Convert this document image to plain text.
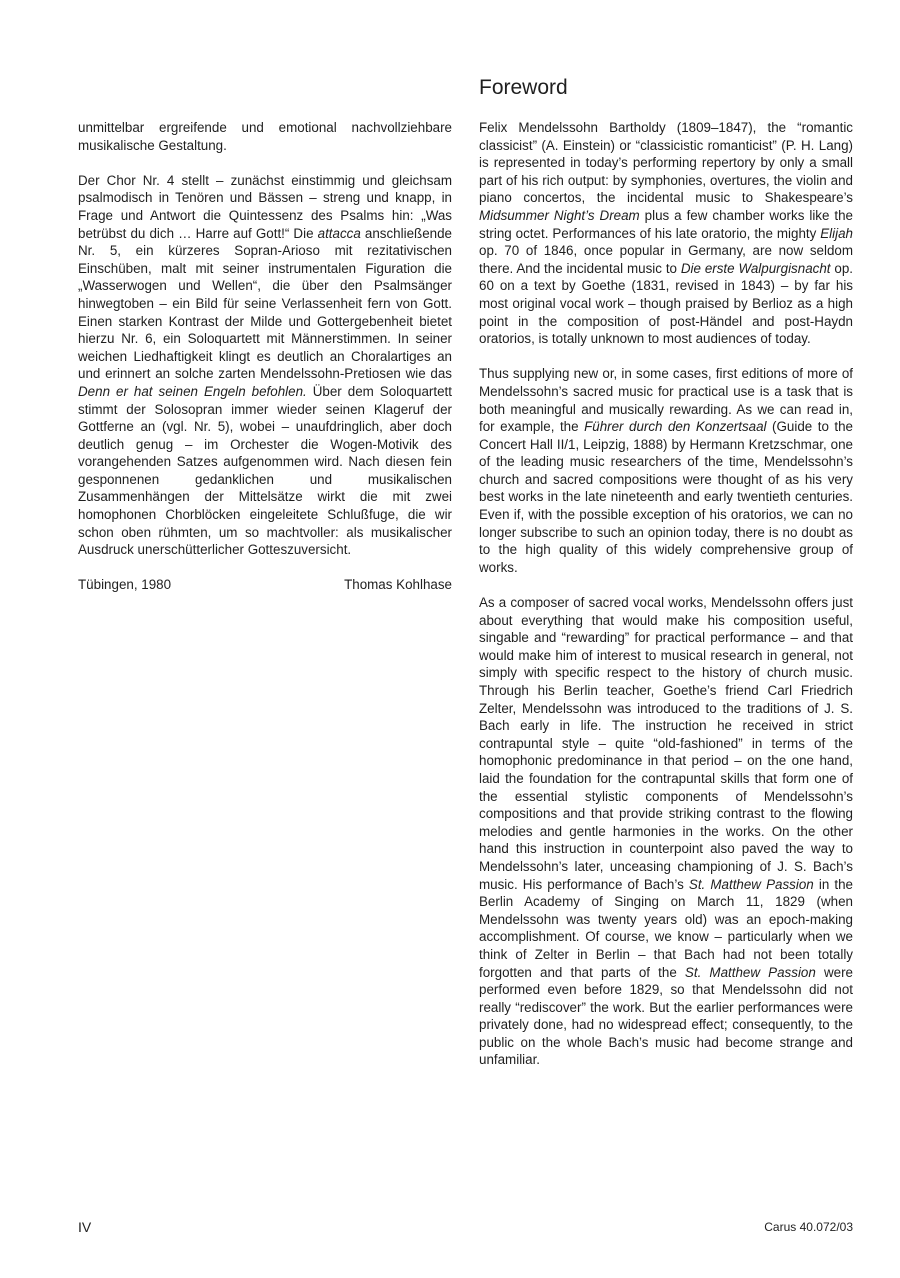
unmittelbar ergreifende und emotional nachvollziehbare musikalische Gestaltung.

Der Chor Nr. 4 stellt – zunächst einstimmig und gleichsam psalmodisch in Tenören und Bässen – streng und knapp, in Frage und Antwort die Quintessenz des Psalms hin: „Was betrübst du dich … Harre auf Gott!“ Die attacca anschließende Nr. 5, ein kürzeres Sopran-Arioso mit rezitativischen Einschüben, malt mit seiner instrumentalen Figuration die „Wasserwogen und Wellen“, die über den Psalmsänger hinwegtoben – ein Bild für seine Verlassenheit fern von Gott. Einen starken Kontrast der Milde und Gottergebenheit bietet hierzu Nr. 6, ein Soloquartett mit Männerstimmen. In seiner weichen Liedhaftigkeit klingt es deutlich an Choralartiges an und erinnert an solche zarten Mendelssohn-Pretiosen wie das Denn er hat seinen Engeln befohlen. Über dem Soloquartett stimmt der Solosopran immer wieder seinen Klageruf der Gottferne an (vgl. Nr. 5), wobei – unaufdringlich, aber doch deutlich genug – im Orchester die Wogen-Motivik des vorangehenden Satzes aufgenommen wird. Nach diesen fein gesponnenen gedanklichen und musikalischen Zusammenhängen der Mittelsätze wirkt die mit zwei homophonen Chorblöcken eingeleitete Schlußfuge, die wir schon oben rühmten, um so machtvoller: als musikalischer Ausdruck unerschütterlicher Gotteszuversicht.

Tübingen, 1980	Thomas Kohlhase
Foreword

Felix Mendelssohn Bartholdy (1809–1847), the “romantic classicist” (A. Einstein) or “classicistic romanticist” (P. H. Lang) is represented in today’s performing repertory by only a small part of his rich output: by symphonies, overtures, the violin and piano concertos, the incidental music to Shakespeare’s Midsummer Night’s Dream plus a few chamber works like the string octet. Performances of his late oratorio, the mighty Elijah op. 70 of 1846, once popular in Germany, are now seldom there. And the incidental music to Die erste Walpurgisnacht op. 60 on a text by Goethe (1831, revised in 1843) – by far his most original vocal work – though praised by Berlioz as a high point in the composition of post-Händel and post-Haydn oratorios, is totally unknown to most audiences of today.

Thus supplying new or, in some cases, first editions of more of Mendelssohn’s sacred music for practical use is a task that is both meaningful and musically rewarding. As we can read in, for example, the Führer durch den Konzertsaal (Guide to the Concert Hall II/1, Leipzig, 1888) by Hermann Kretzschmar, one of the leading music researchers of the time, Mendelssohn’s church and sacred compositions were thought of as his very best works in the late nineteenth and early twentieth centuries. Even if, with the possible exception of his oratorios, we can no longer subscribe to such an opinion today, there is no doubt as to the high quality of this widely comprehensive group of works.

As a composer of sacred vocal works, Mendelssohn offers just about everything that would make his composition useful, singable and “rewarding” for practical performance – and that would make him of interest to musical research in general, not simply with specific respect to the history of church music. Through his Berlin teacher, Goethe’s friend Carl Friedrich Zelter, Mendelssohn was introduced to the traditions of J. S. Bach early in life. The instruction he received in strict contrapuntal style – quite “old-fashioned” in terms of the homophonic predominance in that period – on the one hand, laid the foundation for the contrapuntal skills that form one of the essential stylistic components of Mendelssohn’s compositions and that provide striking contrast to the flowing melodies and gentle harmonies in the works. On the other hand this instruction in counterpoint also paved the way to Mendelssohn’s later, unceasing championing of J. S. Bach’s music. His performance of Bach’s St. Matthew Passion in the Berlin Academy of Singing on March 11, 1829 (when Mendelssohn was twenty years old) was an epoch-making accomplishment. Of course, we know – particularly when we think of Zelter in Berlin – that Bach had not been totally forgotten and that parts of the St. Matthew Passion were performed even before 1829, so that Mendelssohn did not really “rediscover” the work. But the earlier performances were privately done, had no widespread effect; consequently, to the public on the whole Bach’s music had become strange and unfamiliar.

IV	Carus 40.072/03
